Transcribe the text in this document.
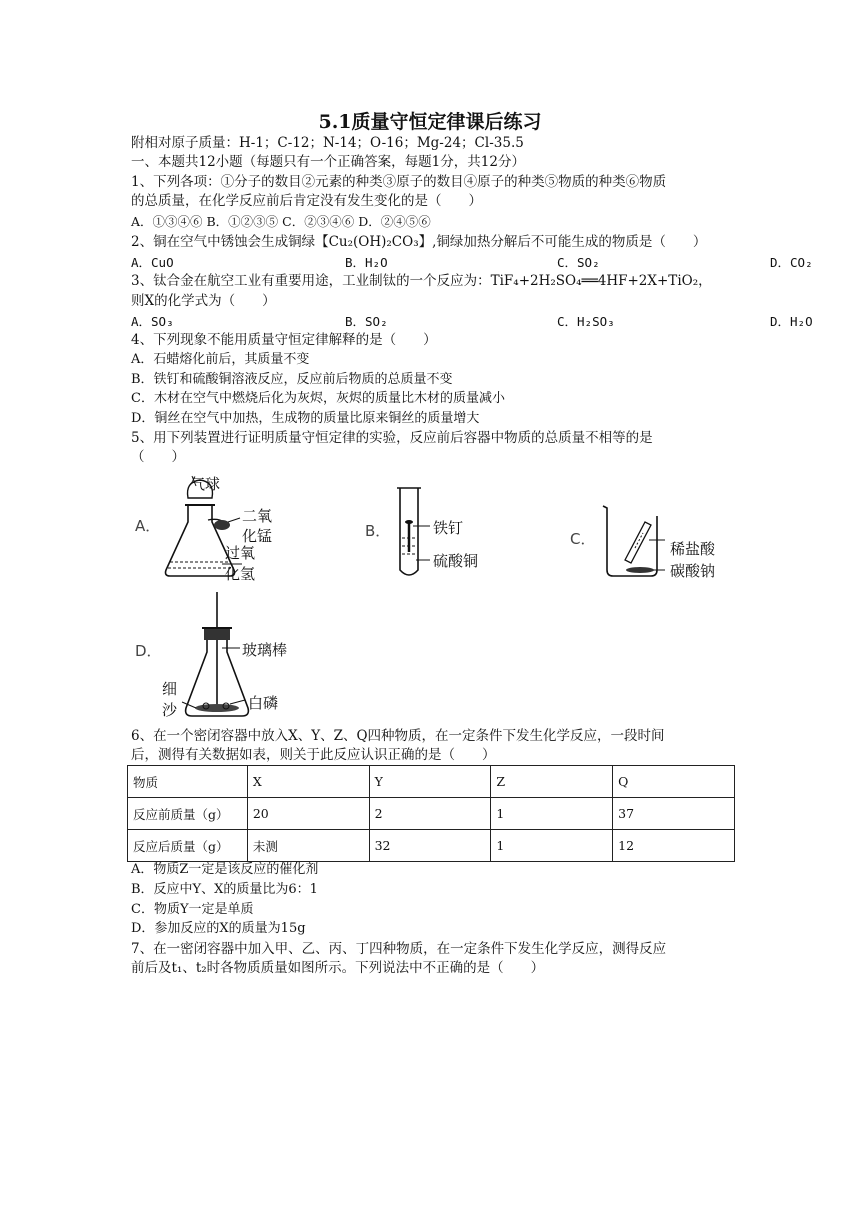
5.1质量守恒定律课后练习
附相对原子质量：H-1；C-12；N-14；O-16；Mg-24；Cl-35.5
一、本题共12小题（每题只有一个正确答案，每题1分，共12分）
1、下列各项：①分子的数目②元素的种类③原子的数目④原子的种类⑤物质的种类⑥物质
的总质量，在化学反应前后肯定没有发生变化的是（　　）
A．①③④⑥ B．①②③⑤ C．②③④⑥ D．②④⑤⑥
2、铜在空气中锈蚀会生成铜绿【Cu₂(OH)₂CO₃】,铜绿加热分解后不可能生成的物质是（　　）
A．CuO	B．H₂O	C．SO₂	D．CO₂
3、钛合金在航空工业有重要用途，工业制钛的一个反应为：TiF₄+2H₂SO₄══4HF+2X+TiO₂，
则X的化学式为（　　）
A．SO₃	B．SO₂	C．H₂SO₃	D．H₂O
4、下列现象不能用质量守恒定律解释的是（　　）
A．石蜡熔化前后，其质量不变
B．铁钉和硫酸铜溶液反应，反应前后物质的总质量不变
C．木材在空气中燃烧后化为灰烬，灰烬的质量比木材的质量减小
D．铜丝在空气中加热，生成物的质量比原来铜丝的质量增大
5、用下列装置进行证明质量守恒定律的实验，反应前后容器中物质的总质量不相等的是
（　　）
A．
气球
二氧
化锰
过氧
化氢
B．	铁钉
硫酸铜
C．
稀盐酸
碳酸钠
D．	玻璃棒
细
沙	白磷
6、在一个密闭容器中放入X、Y、Z、Q四种物质，在一定条件下发生化学反应，一段时间
后，测得有关数据如表，则关于此反应认识正确的是（　　）
物质	X	Y	Z	Q
反应前质量（g）	20	2	1	37
反应后质量（g）	未测	32	1	12
A．物质Z一定是该反应的催化剂
B．反应中Y、X的质量比为6：1
C．物质Y一定是单质
D．参加反应的X的质量为15g
7、在一密闭容器中加入甲、乙、丙、丁四种物质，在一定条件下发生化学反应，测得反应
前后及t₁、t₂时各物质质量如图所示。下列说法中不正确的是（　　）
